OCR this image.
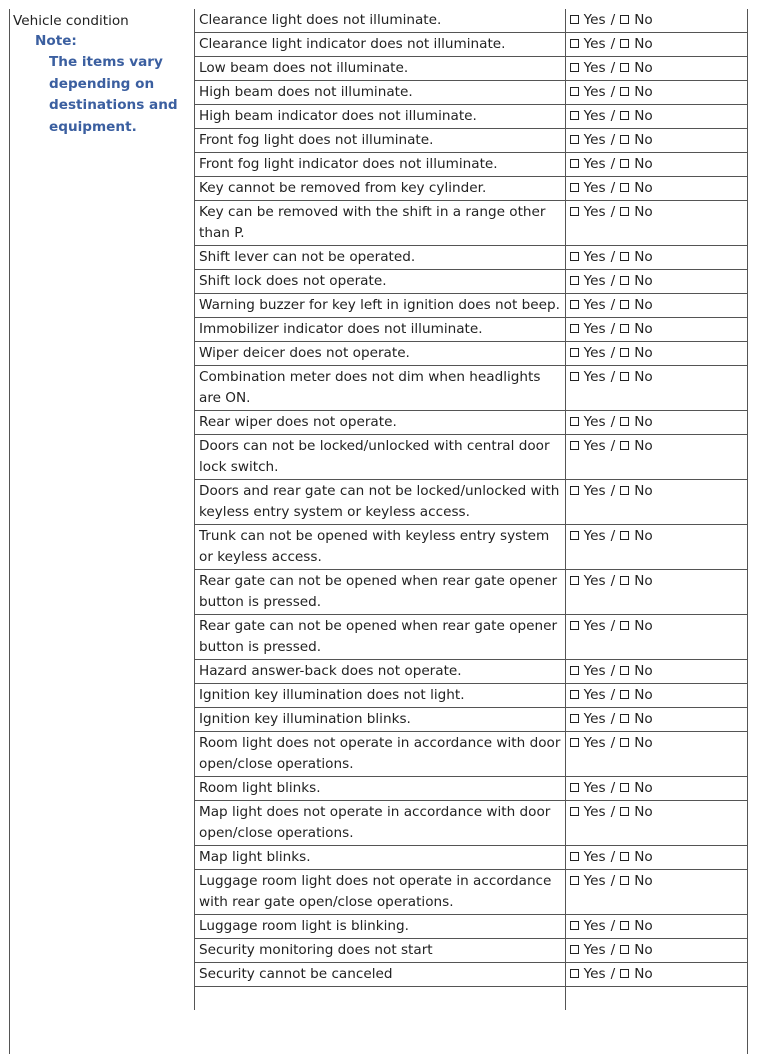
Vehicle condition
Note:
The items vary
depending on
destinations and
equipment.
Clearance light does not illuminate.	Yes / No
Clearance light indicator does not illuminate.	Yes / No
Low beam does not illuminate.	Yes / No
High beam does not illuminate.	Yes / No
High beam indicator does not illuminate.	Yes / No
Front fog light does not illuminate.	Yes / No
Front fog light indicator does not illuminate.	Yes / No
Key cannot be removed from key cylinder.	Yes / No
Key can be removed with the shift in a range other than P.	Yes / No
Shift lever can not be operated.	Yes / No
Shift lock does not operate.	Yes / No
Warning buzzer for key left in ignition does not beep.	Yes / No
Immobilizer indicator does not illuminate.	Yes / No
Wiper deicer does not operate.	Yes / No
Combination meter does not dim when headlights are ON.	Yes / No
Rear wiper does not operate.	Yes / No
Doors can not be locked/unlocked with central door lock switch.	Yes / No
Doors and rear gate can not be locked/unlocked with keyless entry system or keyless access.	Yes / No
Trunk can not be opened with keyless entry system or keyless access.	Yes / No
Rear gate can not be opened when rear gate opener button is pressed.	Yes / No
Rear gate can not be opened when rear gate opener button is pressed.	Yes / No
Hazard answer-back does not operate.	Yes / No
Ignition key illumination does not light.	Yes / No
Ignition key illumination blinks.	Yes / No
Room light does not operate in accordance with door open/close operations.	Yes / No
Room light blinks.	Yes / No
Map light does not operate in accordance with door open/close operations.	Yes / No
Map light blinks.	Yes / No
Luggage room light does not operate in accordance with rear gate open/close operations.	Yes / No
Luggage room light is blinking.	Yes / No
Security monitoring does not start	Yes / No
Security cannot be canceled	Yes / No
